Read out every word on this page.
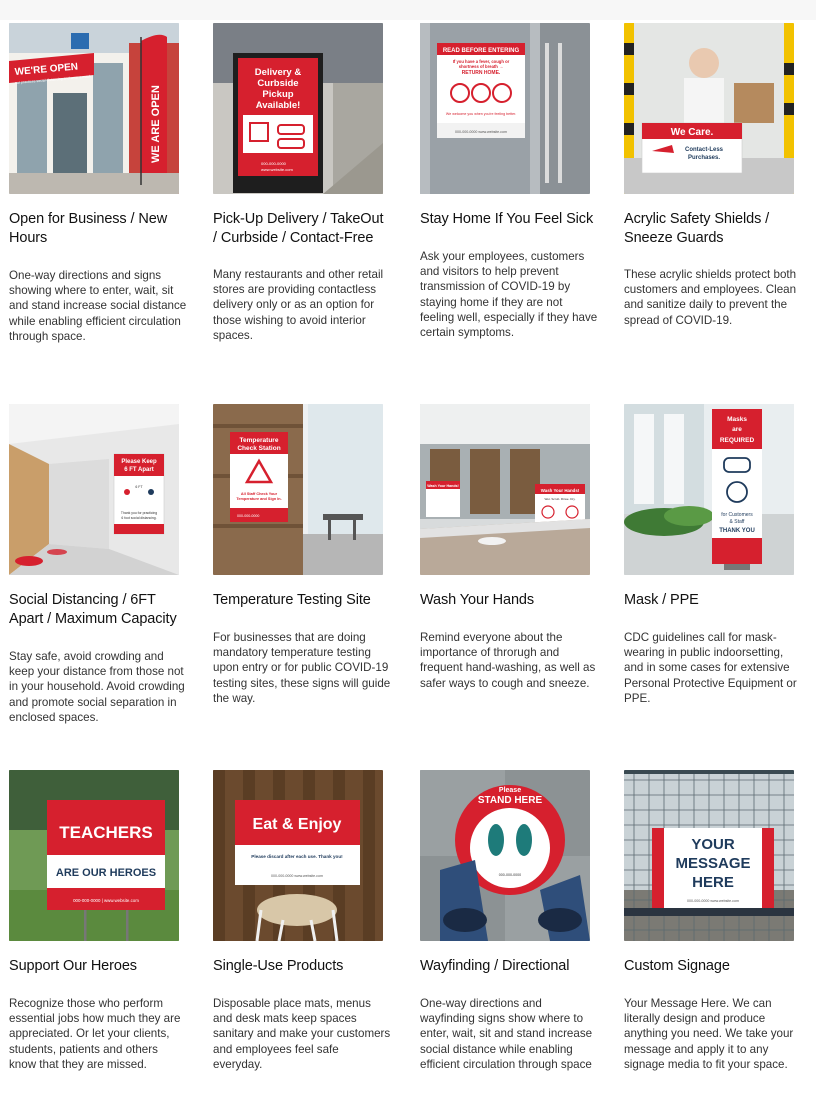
WE'RE OPEN
our practices social distancing and wear a mask
WE ARE OPEN
Open for Business / New Hours
One-way directions and signs showing where to enter, wait, sit and stand increase social distance while enabling efficient circulation through space.
Delivery &
Curbside
Pickup
Available!
000-000-0000
www.website.com
Pick-Up Delivery / TakeOut / Curbside / Contact-Free
Many restaurants and other retail stores are providing contactless delivery only or as an option for those wishing to avoid interior spaces.
READ BEFORE ENTERING
If you have a fever, cough or
shortness of breath →
RETURN HOME.
We welcome you when you're feeling better.
000-000-0000 www.website.com
Stay Home If You Feel Sick
Ask your employees, customers and visitors to help prevent transmission of COVID-19 by staying home if they are not feeling well, especially if they have certain symptoms.
We Care.
Contact-Less
Purchases.
Acrylic Safety Shields / Sneeze Guards
These acrylic shields protect both customers and employees. Clean and sanitize daily to prevent the spread of COVID-19.
Please Keep
6 FT Apart
6 FT
Thank you for practicing
6 foot social distancing.
Social Distancing / 6FT Apart / Maximum Capacity
Stay safe, avoid crowding and keep your distance from those not in your household. Avoid crowding and promote social separation in enclosed spaces.
Temperature
Check Station
All Staff Check Your
Temperature and Sign In.
000-000-0000
Temperature Testing Site
For businesses that are doing mandatory temperature testing upon entry or for public COVID-19 testing sites, these signs will guide the way.
Wash Your Hands!
Wash Your Hands!
Wet. Scrub. Rinse. Dry.
Wash Your Hands
Remind everyone about the importance of throrugh and frequent hand-washing, as well as safer ways to cough and sneeze.
Masks
are
REQUIRED
for Customers
& Staff
THANK YOU
Mask / PPE
CDC guidelines call for mask-wearing in public indoorsetting, and in some cases for extensive Personal Protective Equipment or PPE.
TEACHERS
ARE OUR HEROES
000-000-0000 | www.website.com
Support Our Heroes
Recognize those who perform essential jobs how much they are appreciated. Or let your clients, students, patients and others know that they are missed.
Eat & Enjoy
Please discard after each use. Thank you!
000-000-0000 www.website.com
Single-Use Products
Disposable place mats, menus and desk mats keep spaces sanitary and make your customers and employees feel safe everyday.
Please
STAND HERE
000-000-0000
Wayfinding / Directional
One-way directions and wayfinding signs show where to enter, wait, sit and stand increase social distance while enabling efficient circulation through space
YOUR
MESSAGE
HERE
000-000-0000 www.website.com
Custom Signage
Your Message Here. We can literally design and produce anything you need. We take your message and apply it to any signage media to fit your space.
